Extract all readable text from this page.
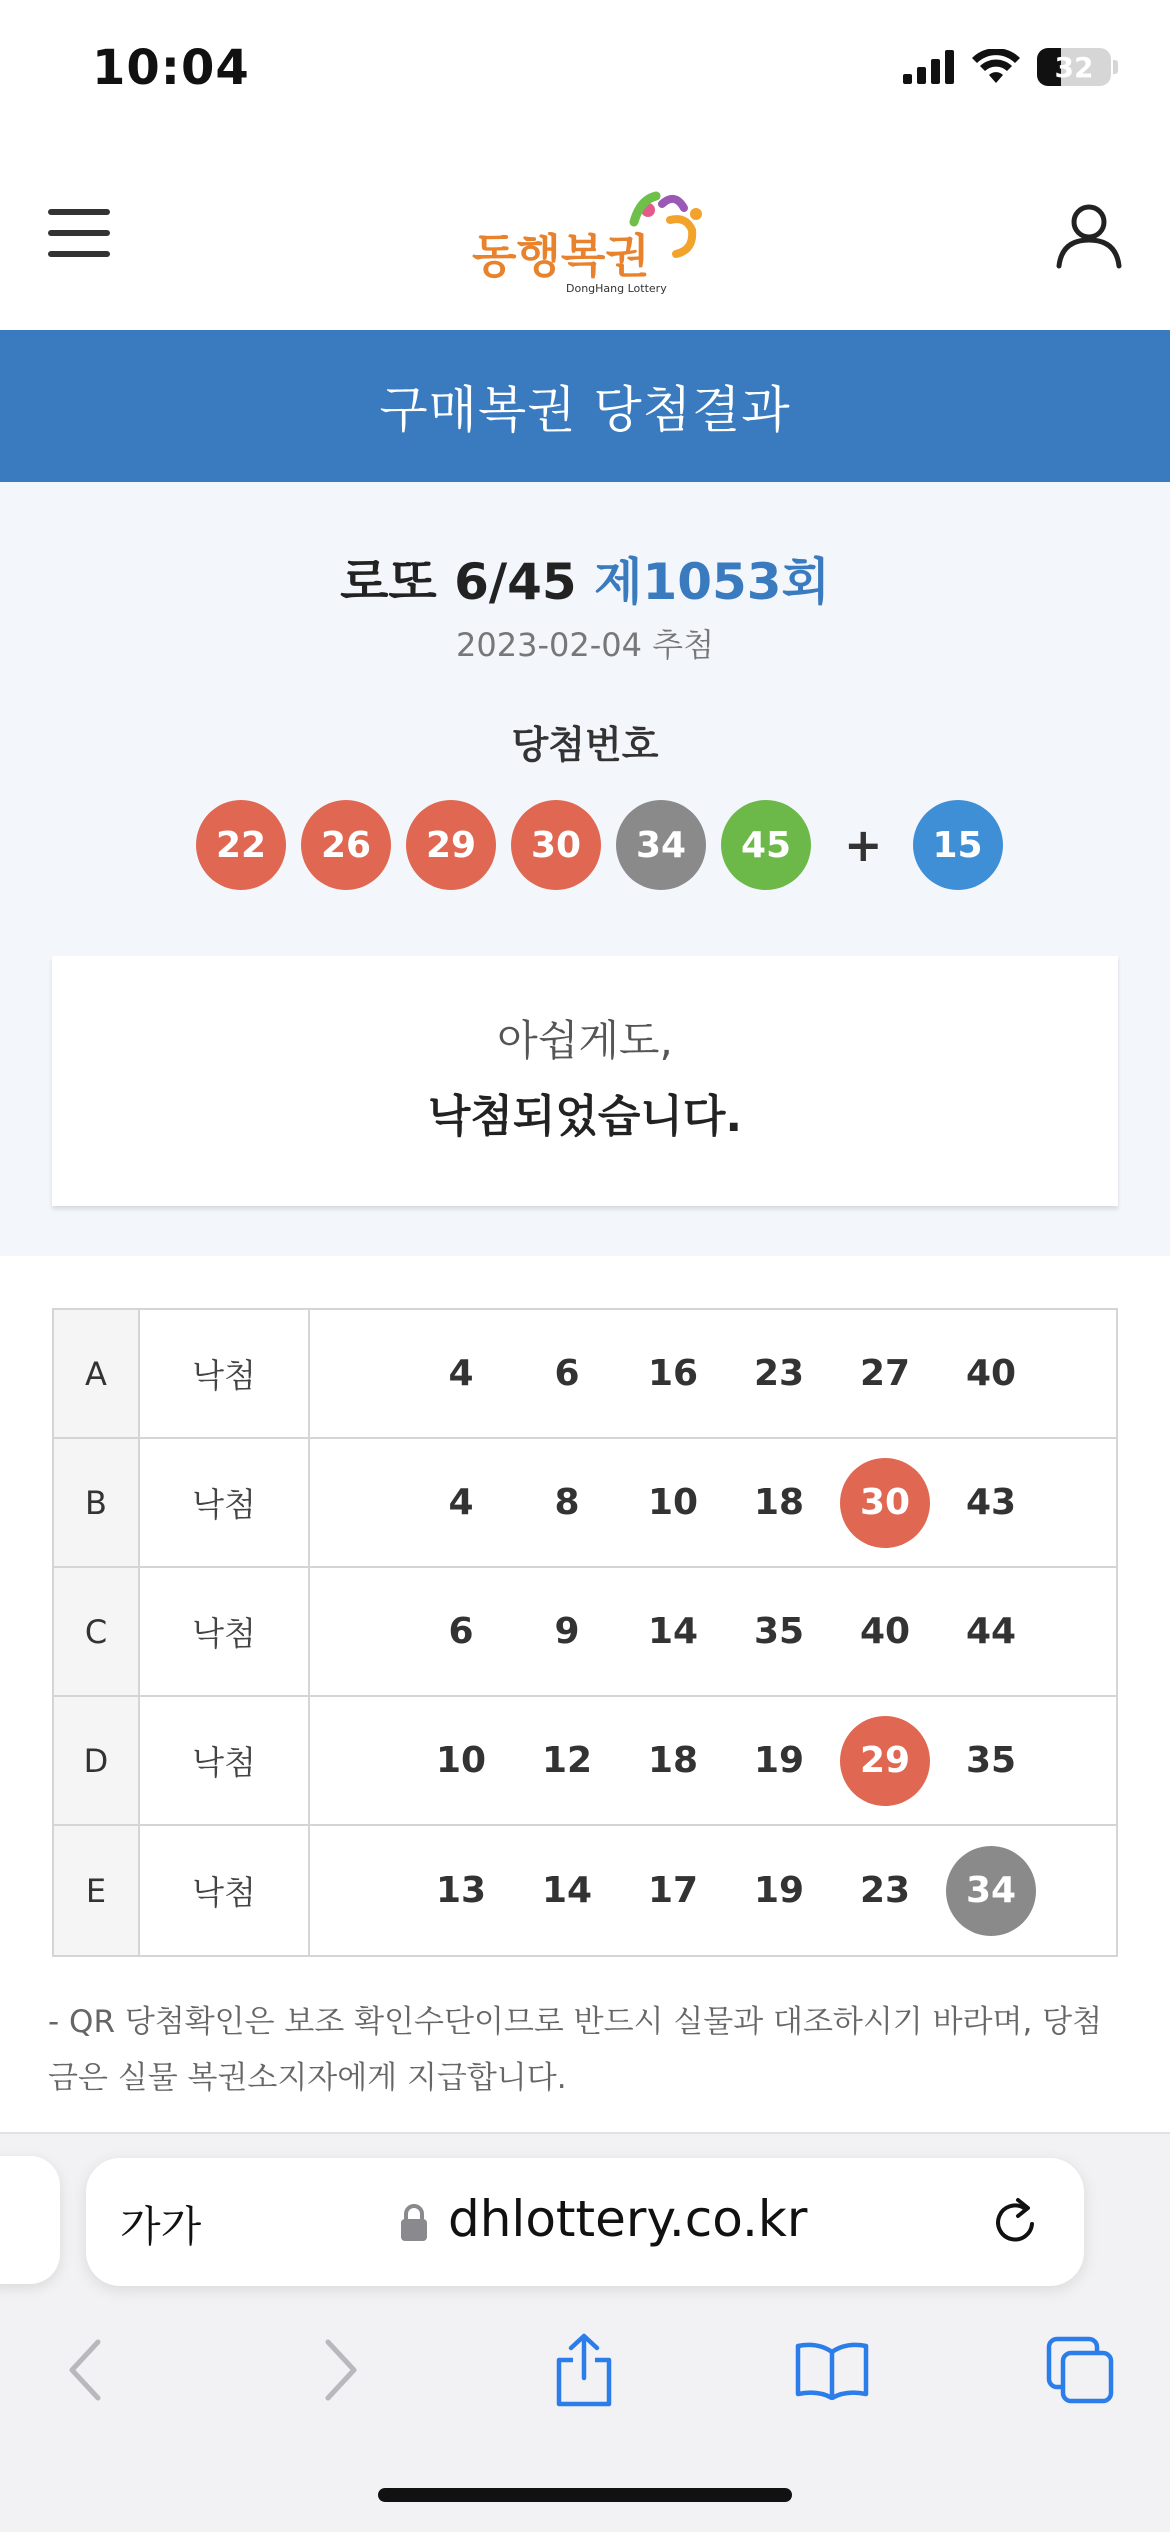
10:04	32
동행복권
DongHang Lottery
구매복권 당첨결과
로또 6/45 제1053회
2023-02-04 추첨
당첨번호
22	26	29	30	34	45	+	15
아쉽게도,
낙첨되었습니다.
A	낙첨	4	6	16	23	27	40
B	낙첨	4	8	10	18	30	43
C	낙첨	6	9	14	35	40	44
D	낙첨	10	12	18	19	29	35
E	낙첨	13	14	17	19	23	34
- QR 당첨확인은 보조 확인수단이므로 반드시 실물과 대조하시기 바라며, 당첨금은 실물 복권소지자에게 지급합니다.
가가	dhlottery.co.kr
